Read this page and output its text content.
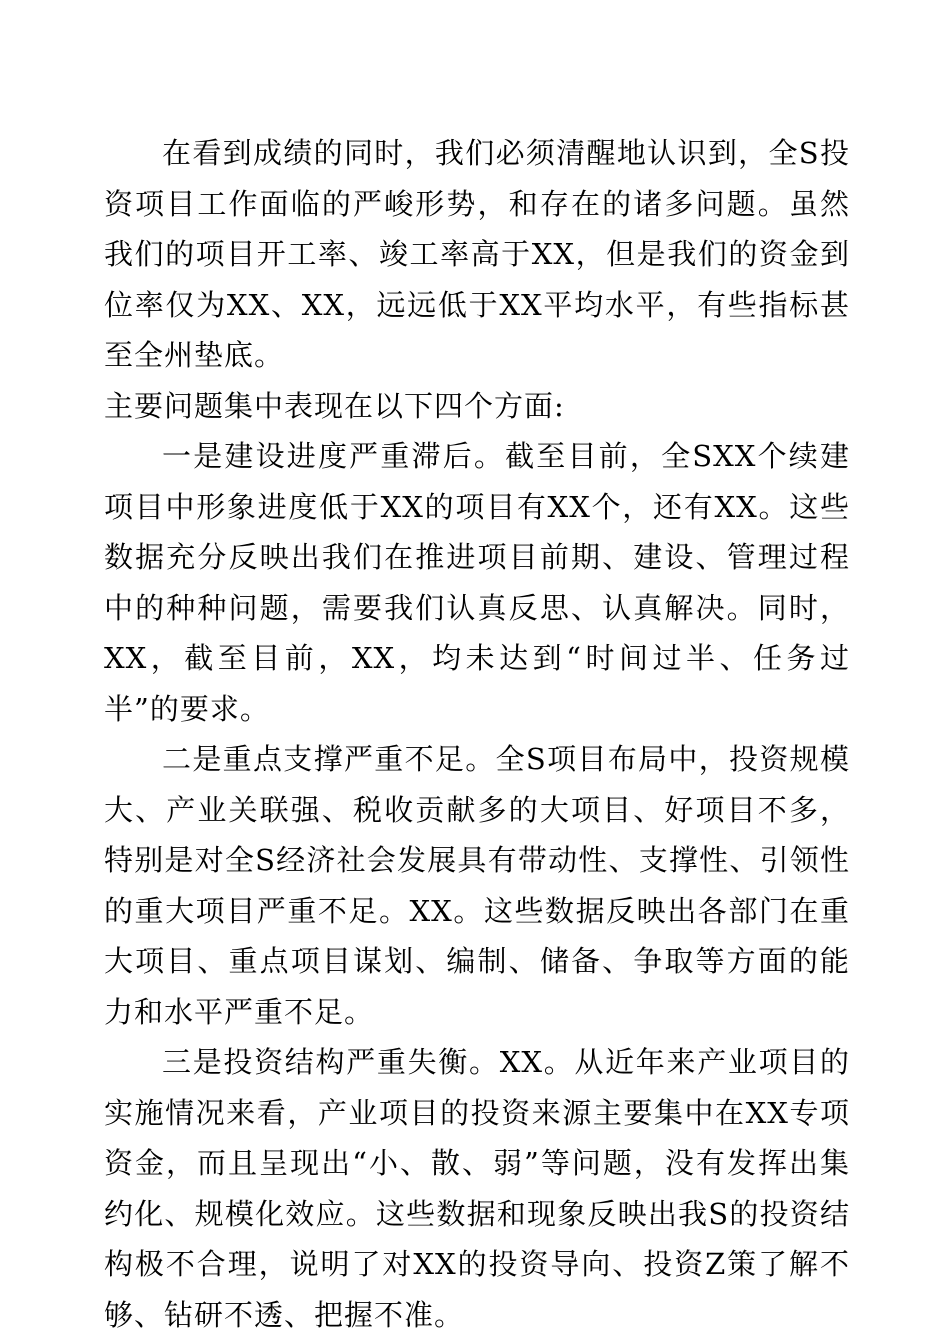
在看到成绩的同时，我们必须清醒地认识到，全S投资项目工作面临的严峻形势，和存在的诸多问题。虽然我们的项目开工率、竣工率高于XX，但是我们的资金到位率仅为XX、XX，远远低于XX平均水平，有些指标甚至全州垫底。

主要问题集中表现在以下四个方面:

一是建设进度严重滞后。截至目前，全SXX个续建项目中形象进度低于XX的项目有XX个，还有XX。这些数据充分反映出我们在推进项目前期、建设、管理过程中的种种问题，需要我们认真反思、认真解决。同时，XX，截至目前，XX，均未达到“时间过半、任务过半”的要求。

二是重点支撑严重不足。全S项目布局中，投资规模大、产业关联强、税收贡献多的大项目、好项目不多，特别是对全S经济社会发展具有带动性、支撑性、引领性的重大项目严重不足。XX。这些数据反映出各部门在重大项目、重点项目谋划、编制、储备、争取等方面的能力和水平严重不足。

三是投资结构严重失衡。XX。从近年来产业项目的实施情况来看，产业项目的投资来源主要集中在XX专项资金，而且呈现出“小、散、弱”等问题，没有发挥出集约化、规模化效应。这些数据和现象反映出我S的投资结构极不合理，说明了对XX的投资导向、投资Z策了解不够、钻研不透、把握不准。
